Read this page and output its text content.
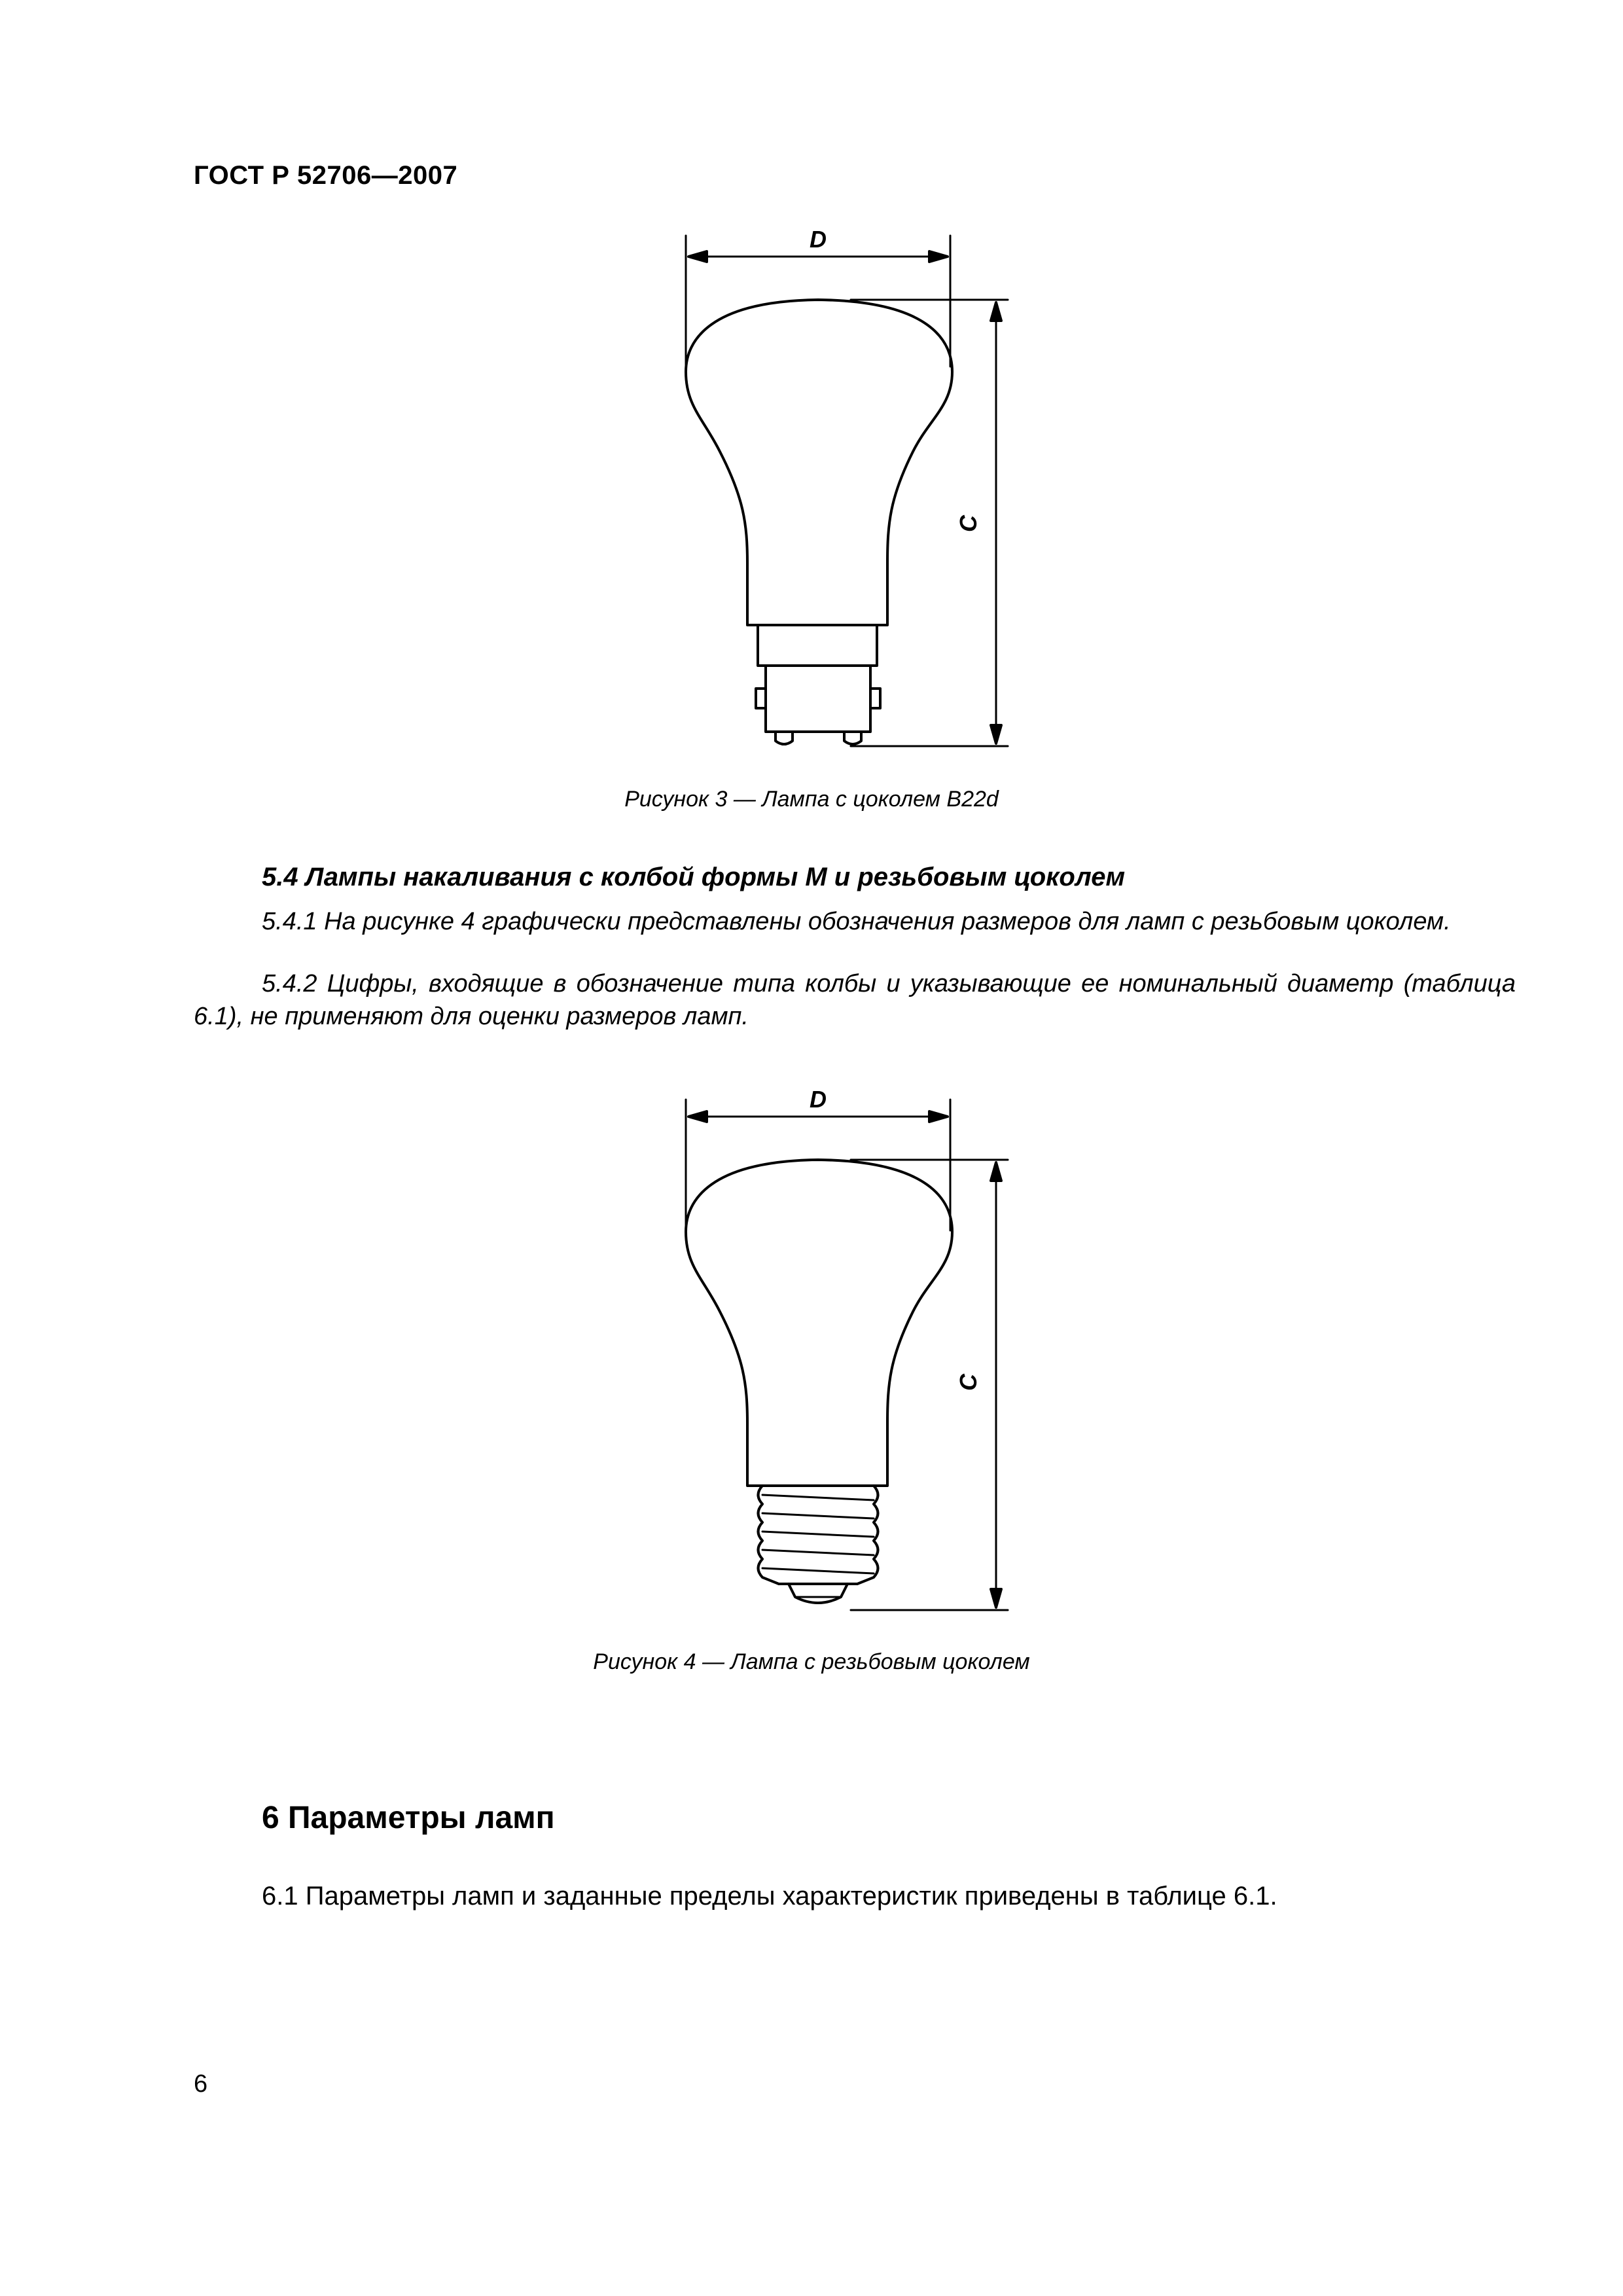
ГОСТ Р 52706—2007
D
C
Рисунок 3 — Лампа с цоколем B22d
5.4 Лампы накаливания с колбой формы M и резьбовым цоколем
5.4.1 На рисунке 4 графически представлены обозначения размеров для ламп с резьбовым цоколем.
5.4.2 Цифры, входящие в обозначение типа колбы и указывающие ее номинальный диаметр (таблица 6.1), не применяют для оценки размеров ламп.
D
C
Рисунок 4 — Лампа с резьбовым цоколем
6 Параметры ламп
6.1 Параметры ламп и заданные пределы характеристик приведены в таблице 6.1.
6
